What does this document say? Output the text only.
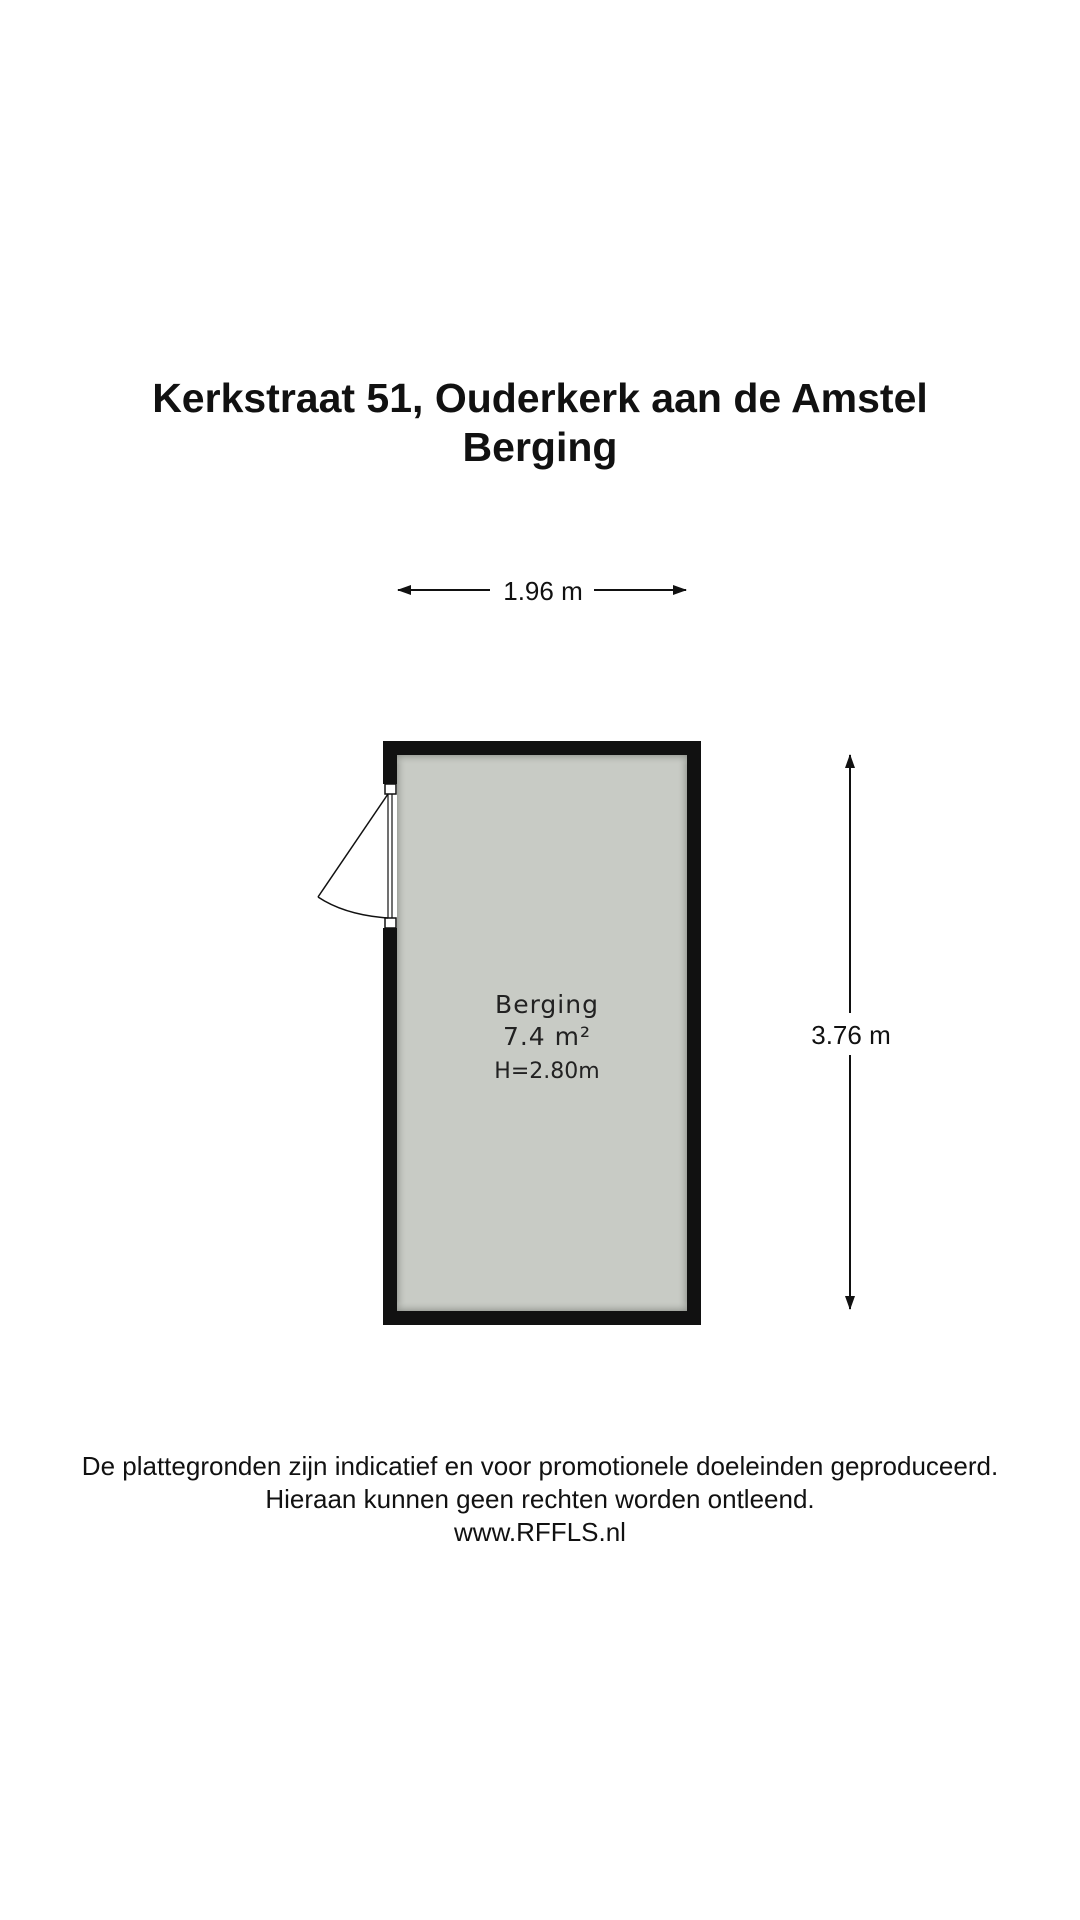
Kerkstraat 51, Ouderkerk aan de Amstel
Berging
1.96 m
Berging
7.4 m²
H=2.80m
3.76 m
De plattegronden zijn indicatief en voor promotionele doeleinden geproduceerd.
Hieraan kunnen geen rechten worden ontleend.
www.RFFLS.nl
